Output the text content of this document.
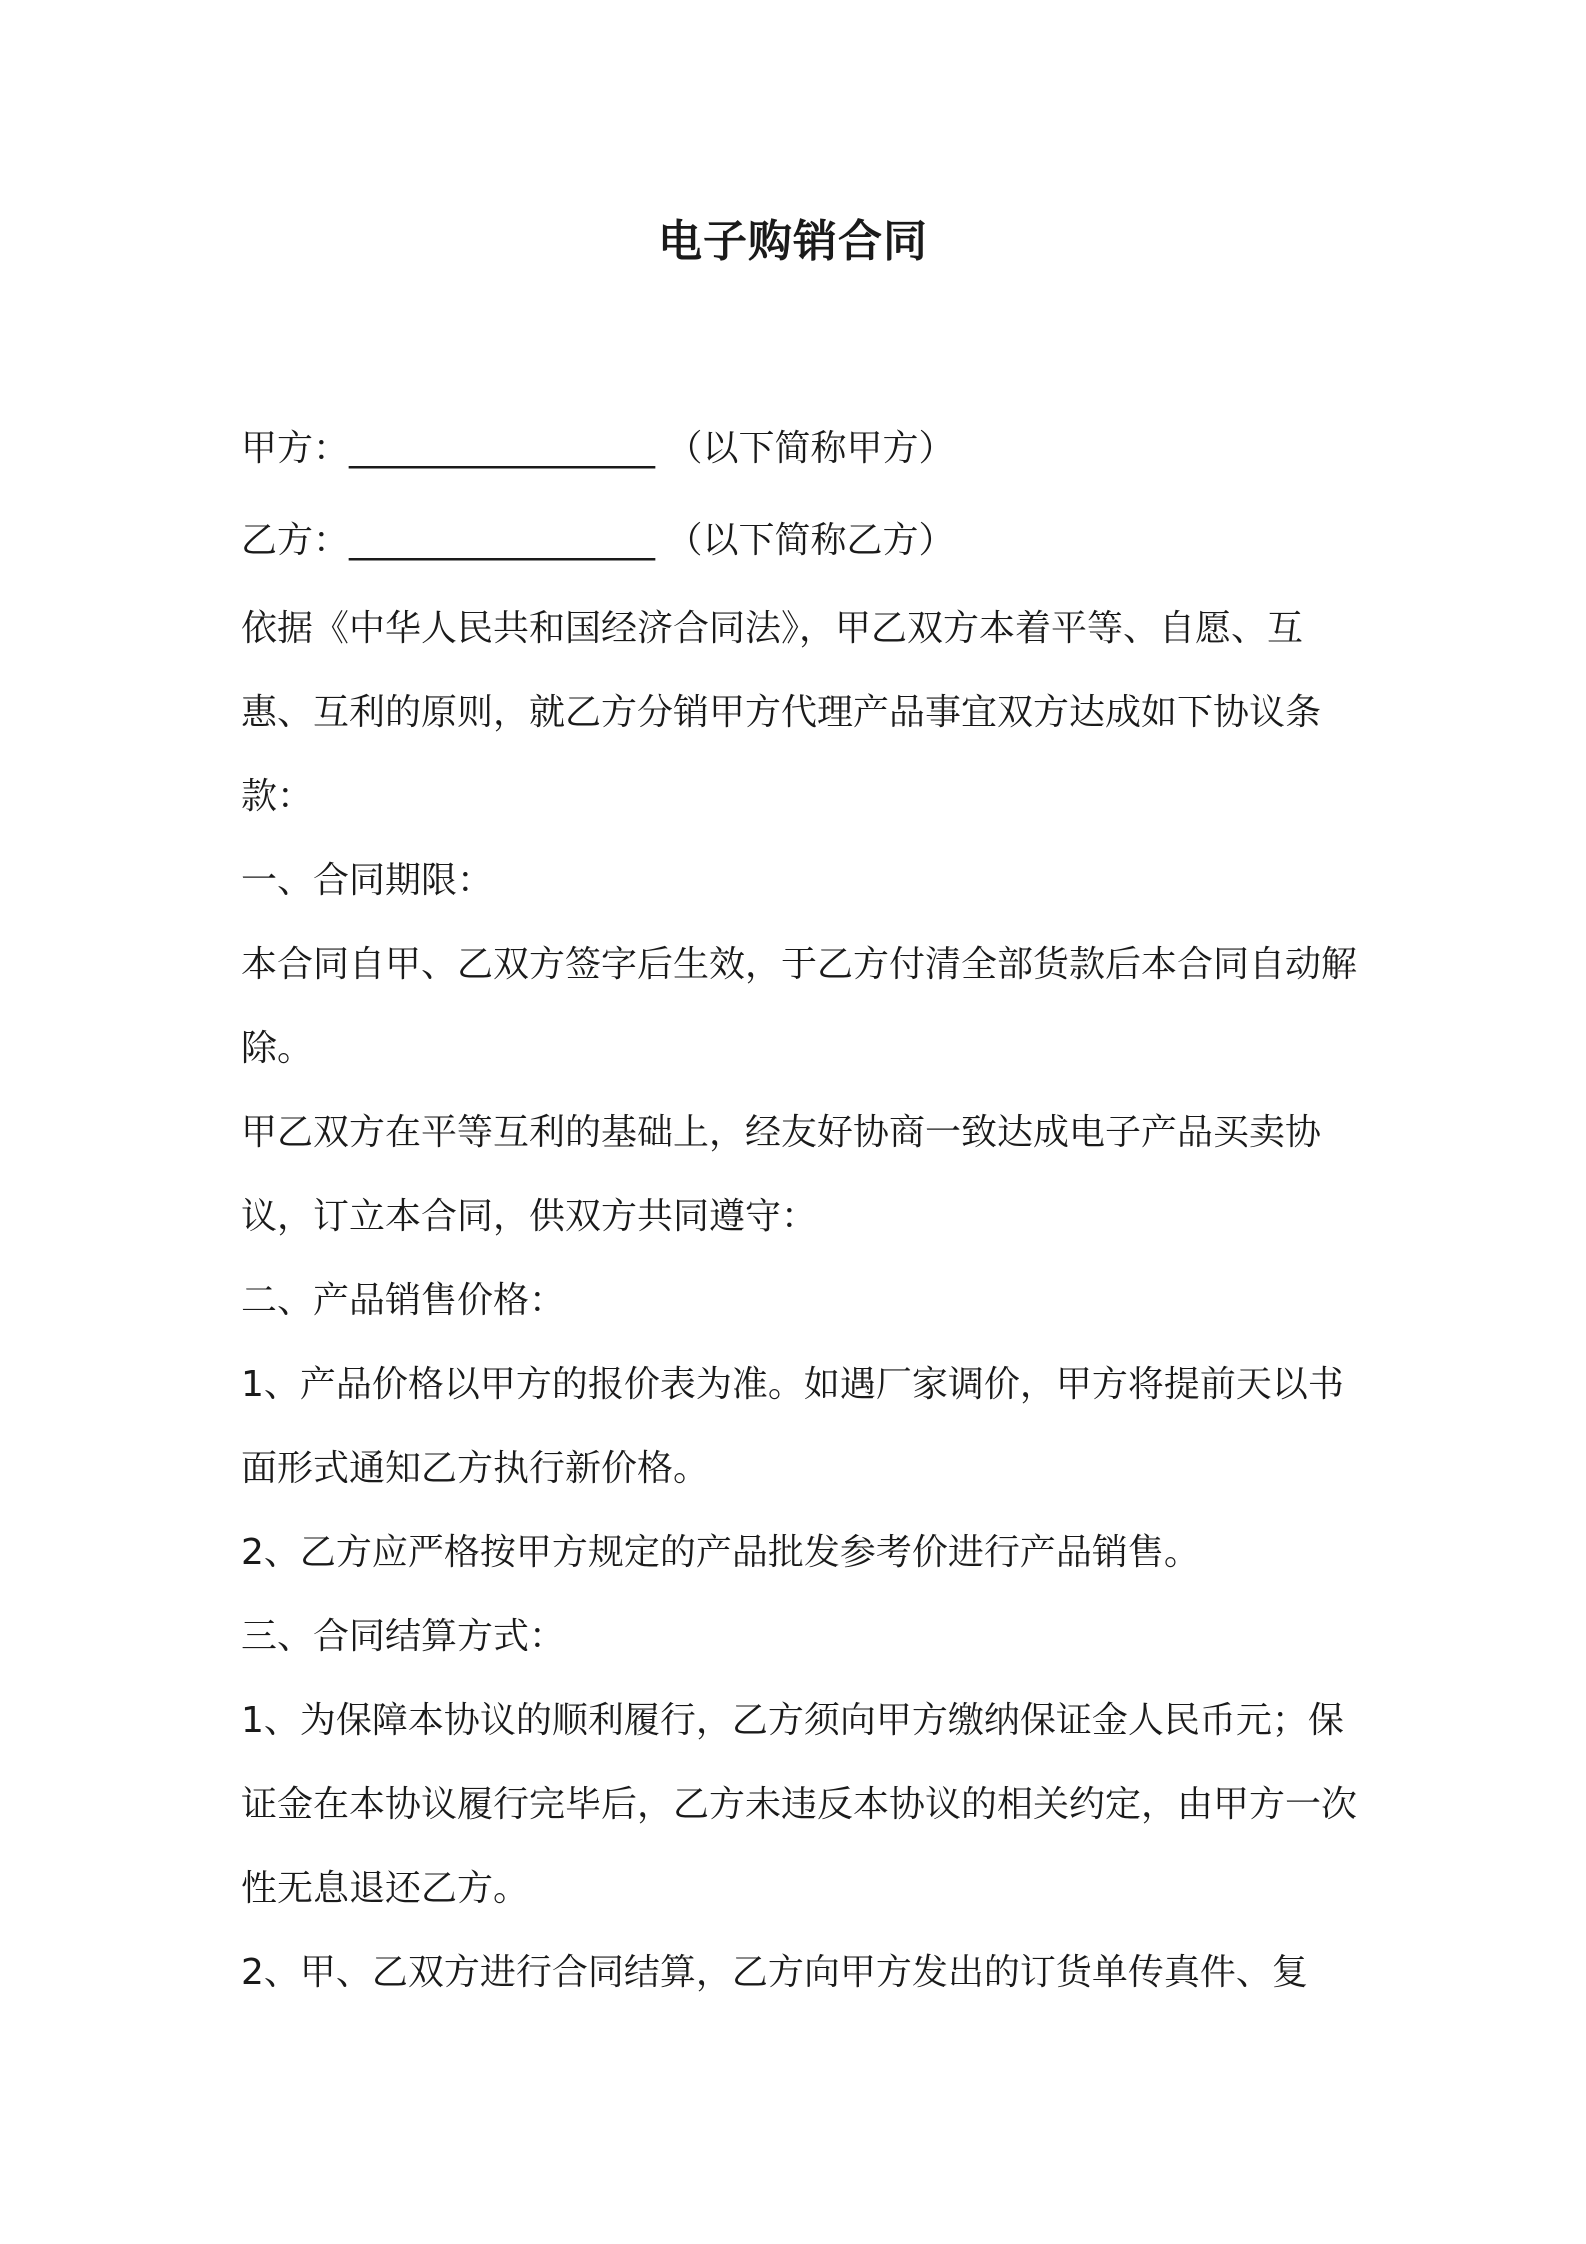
电子购销合同
甲方：_________________ （以下简称甲方）
乙方：_________________ （以下简称乙方）
依据《中华人民共和国经济合同法》，甲乙双方本着平等、自愿、互惠、互利的原则，就乙方分销甲方代理产品事宜双方达成如下协议条款：
一、合同期限：
本合同自甲、乙双方签字后生效，于乙方付清全部货款后本合同自动解除。
甲乙双方在平等互利的基础上，经友好协商一致达成电子产品买卖协议，订立本合同，供双方共同遵守：
二、产品销售价格：
1、产品价格以甲方的报价表为准。如遇厂家调价，甲方将提前天以书面形式通知乙方执行新价格。
2、乙方应严格按甲方规定的产品批发参考价进行产品销售。
三、合同结算方式：
1、为保障本协议的顺利履行，乙方须向甲方缴纳保证金人民币元；保证金在本协议履行完毕后，乙方未违反本协议的相关约定，由甲方一次性无息退还乙方。
2、甲、乙双方进行合同结算，乙方向甲方发出的订货单传真件、复
